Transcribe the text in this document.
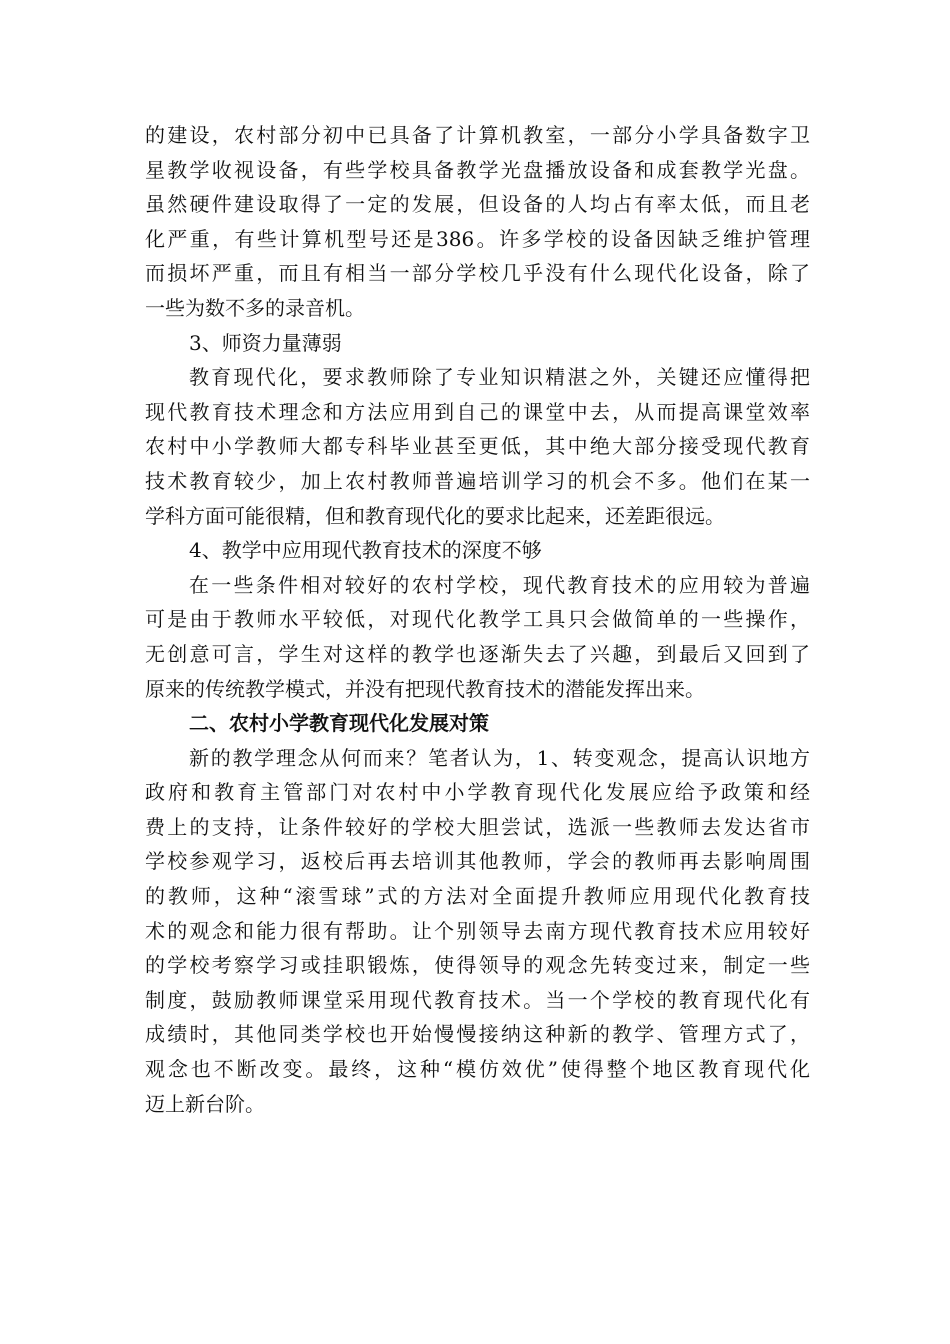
的建设，农村部分初中已具备了计算机教室，一部分小学具备数字卫
星教学收视设备，有些学校具备教学光盘播放设备和成套教学光盘。
虽然硬件建设取得了一定的发展，但设备的人均占有率太低，而且老
化严重，有些计算机型号还是386。许多学校的设备因缺乏维护管理
而损坏严重，而且有相当一部分学校几乎没有什么现代化设备，除了
一些为数不多的录音机。
3、师资力量薄弱
教育现代化，要求教师除了专业知识精湛之外，关键还应懂得把
现代教育技术理念和方法应用到自己的课堂中去，从而提高课堂效率
农村中小学教师大都专科毕业甚至更低，其中绝大部分接受现代教育
技术教育较少，加上农村教师普遍培训学习的机会不多。他们在某一
学科方面可能很精，但和教育现代化的要求比起来，还差距很远。
4、教学中应用现代教育技术的深度不够
在一些条件相对较好的农村学校，现代教育技术的应用较为普遍
可是由于教师水平较低，对现代化教学工具只会做简单的一些操作，
无创意可言，学生对这样的教学也逐渐失去了兴趣，到最后又回到了
原来的传统教学模式，并没有把现代教育技术的潜能发挥出来。
二、农村小学教育现代化发展对策
新的教学理念从何而来？笔者认为，1、转变观念，提高认识地方
政府和教育主管部门对农村中小学教育现代化发展应给予政策和经
费上的支持，让条件较好的学校大胆尝试，选派一些教师去发达省市
学校参观学习，返校后再去培训其他教师，学会的教师再去影响周围
的教师，这种“滚雪球”式的方法对全面提升教师应用现代化教育技
术的观念和能力很有帮助。让个别领导去南方现代教育技术应用较好
的学校考察学习或挂职锻炼，使得领导的观念先转变过来，制定一些
制度，鼓励教师课堂采用现代教育技术。当一个学校的教育现代化有
成绩时，其他同类学校也开始慢慢接纳这种新的教学、管理方式了，
观念也不断改变。最终，这种“模仿效优”使得整个地区教育现代化
迈上新台阶。
